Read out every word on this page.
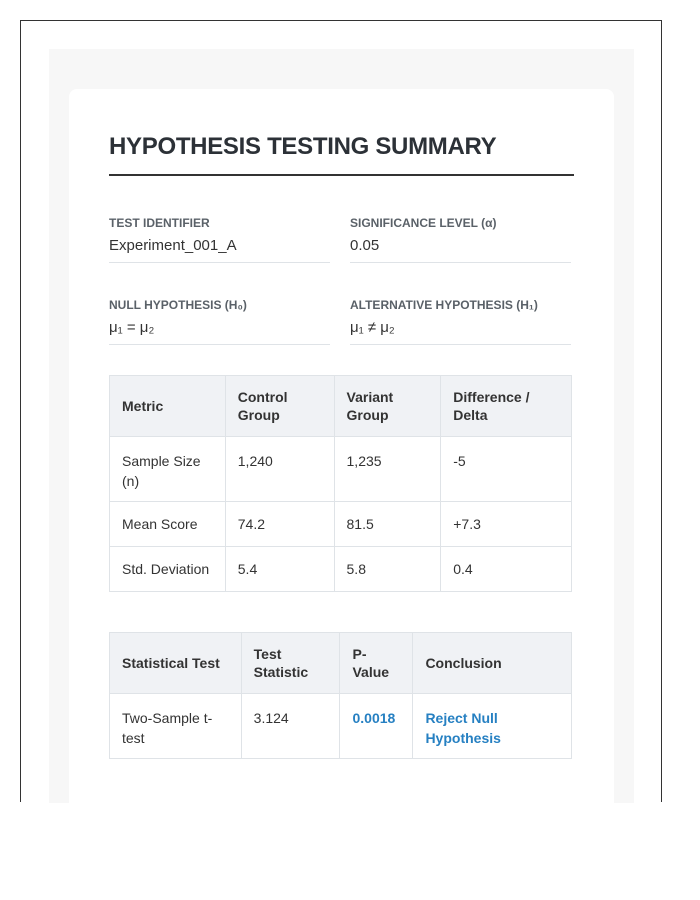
HYPOTHESIS TESTING SUMMARY
TEST IDENTIFIER
Experiment_001_A
SIGNIFICANCE LEVEL (α)
0.05
NULL HYPOTHESIS (H₀)
μ₁ = μ₂
ALTERNATIVE HYPOTHESIS (H₁)
μ₁ ≠ μ₂
Metric	Control Group	Variant Group	Difference / Delta
Sample Size (n)	1,240	1,235	-5
Mean Score	74.2	81.5	+7.3
Std. Deviation	5.4	5.8	0.4
Statistical Test	Test Statistic	P-Value	Conclusion
Two-Sample t-test	3.124	0.0018	Reject Null Hypothesis
